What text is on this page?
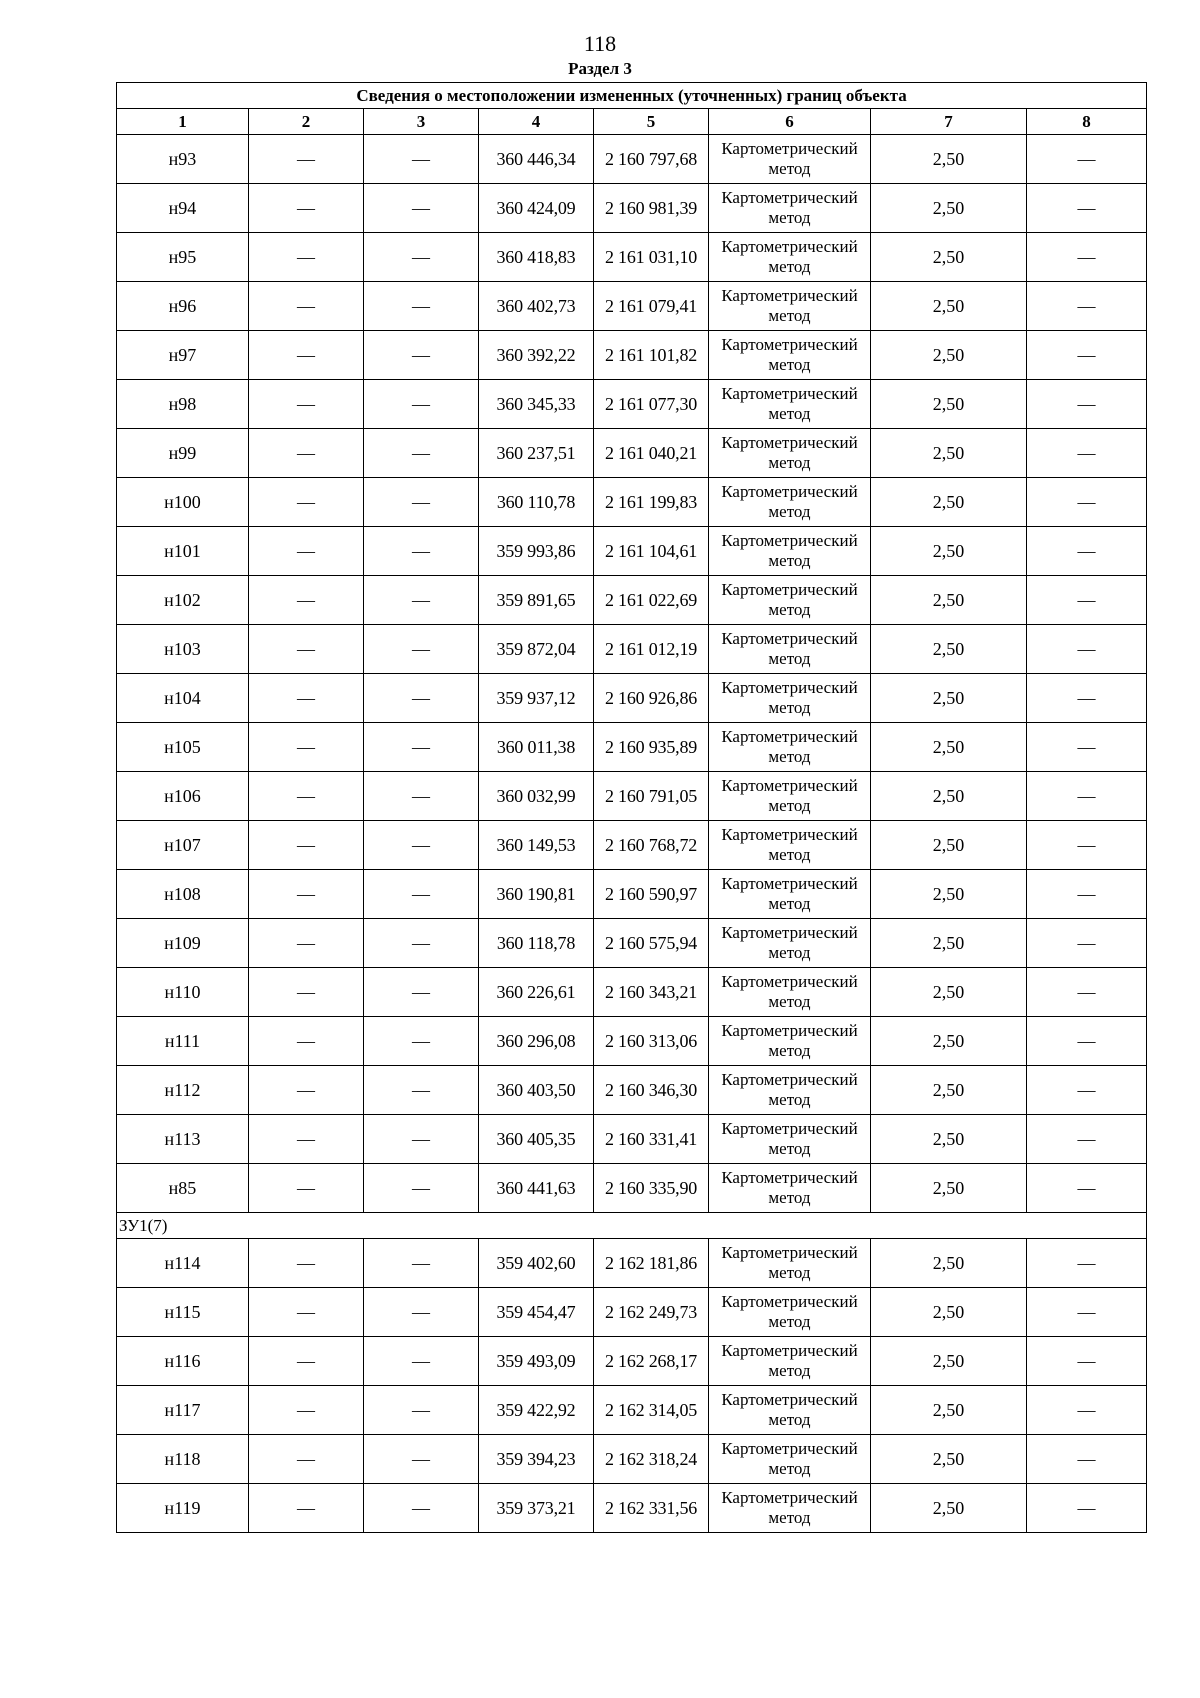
118
Раздел 3
Сведения о местоположении измененных (уточненных) границ объекта							
1	2	3	4	5	6	7	8
н93	—	—	360 446,34	2 160 797,68	Картометрический метод	2,50	—
н94	—	—	360 424,09	2 160 981,39	Картометрический метод	2,50	—
н95	—	—	360 418,83	2 161 031,10	Картометрический метод	2,50	—
н96	—	—	360 402,73	2 161 079,41	Картометрический метод	2,50	—
н97	—	—	360 392,22	2 161 101,82	Картометрический метод	2,50	—
н98	—	—	360 345,33	2 161 077,30	Картометрический метод	2,50	—
н99	—	—	360 237,51	2 161 040,21	Картометрический метод	2,50	—
н100	—	—	360 110,78	2 161 199,83	Картометрический метод	2,50	—
н101	—	—	359 993,86	2 161 104,61	Картометрический метод	2,50	—
н102	—	—	359 891,65	2 161 022,69	Картометрический метод	2,50	—
н103	—	—	359 872,04	2 161 012,19	Картометрический метод	2,50	—
н104	—	—	359 937,12	2 160 926,86	Картометрический метод	2,50	—
н105	—	—	360 011,38	2 160 935,89	Картометрический метод	2,50	—
н106	—	—	360 032,99	2 160 791,05	Картометрический метод	2,50	—
н107	—	—	360 149,53	2 160 768,72	Картометрический метод	2,50	—
н108	—	—	360 190,81	2 160 590,97	Картометрический метод	2,50	—
н109	—	—	360 118,78	2 160 575,94	Картометрический метод	2,50	—
н110	—	—	360 226,61	2 160 343,21	Картометрический метод	2,50	—
н111	—	—	360 296,08	2 160 313,06	Картометрический метод	2,50	—
н112	—	—	360 403,50	2 160 346,30	Картометрический метод	2,50	—
н113	—	—	360 405,35	2 160 331,41	Картометрический метод	2,50	—
н85	—	—	360 441,63	2 160 335,90	Картометрический метод	2,50	—
ЗУ1(7)							
н114	—	—	359 402,60	2 162 181,86	Картометрический метод	2,50	—
н115	—	—	359 454,47	2 162 249,73	Картометрический метод	2,50	—
н116	—	—	359 493,09	2 162 268,17	Картометрический метод	2,50	—
н117	—	—	359 422,92	2 162 314,05	Картометрический метод	2,50	—
н118	—	—	359 394,23	2 162 318,24	Картометрический метод	2,50	—
н119	—	—	359 373,21	2 162 331,56	Картометрический метод	2,50	—
